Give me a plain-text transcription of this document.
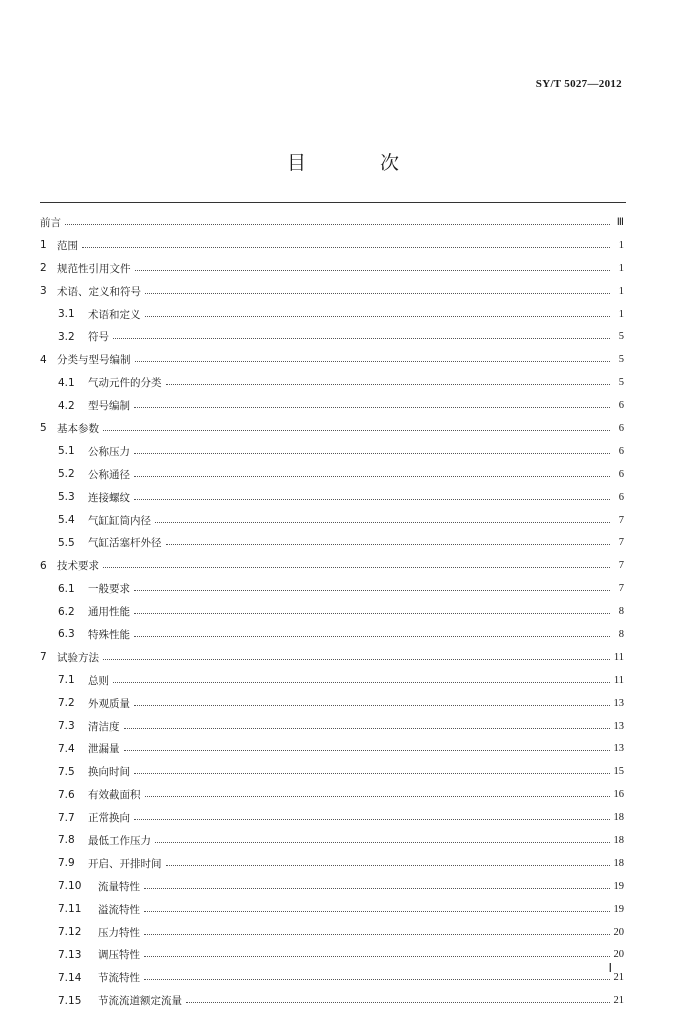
SY/T 5027—2012
目 次
前言	Ⅲ
1 范围	1
2 规范性引用文件	1
3 术语、定义和符号	1
3.1	术语和定义	1
3.2	符号	5
4 分类与型号编制	5
4.1	气动元件的分类	5
4.2	型号编制	6
5 基本参数	6
5.1	公称压力	6
5.2	公称通径	6
5.3	连接螺纹	6
5.4	气缸缸筒内径	7
5.5	气缸活塞杆外径	7
6 技术要求	7
6.1	一般要求	7
6.2	通用性能	8
6.3	特殊性能	8
7 试验方法	11
7.1	总则	11
7.2	外观质量	13
7.3	清洁度	13
7.4	泄漏量	13
7.5	换向时间	15
7.6	有效截面积	16
7.7	正常换向	18
7.8	最低工作压力	18
7.9	开启、开排时间	18
7.10	流量特性	19
7.11	溢流特性	19
7.12	压力特性	20
7.13	调压特性	20
7.14	节流特性	21
7.15	节流流道额定流量	21
Ⅰ
